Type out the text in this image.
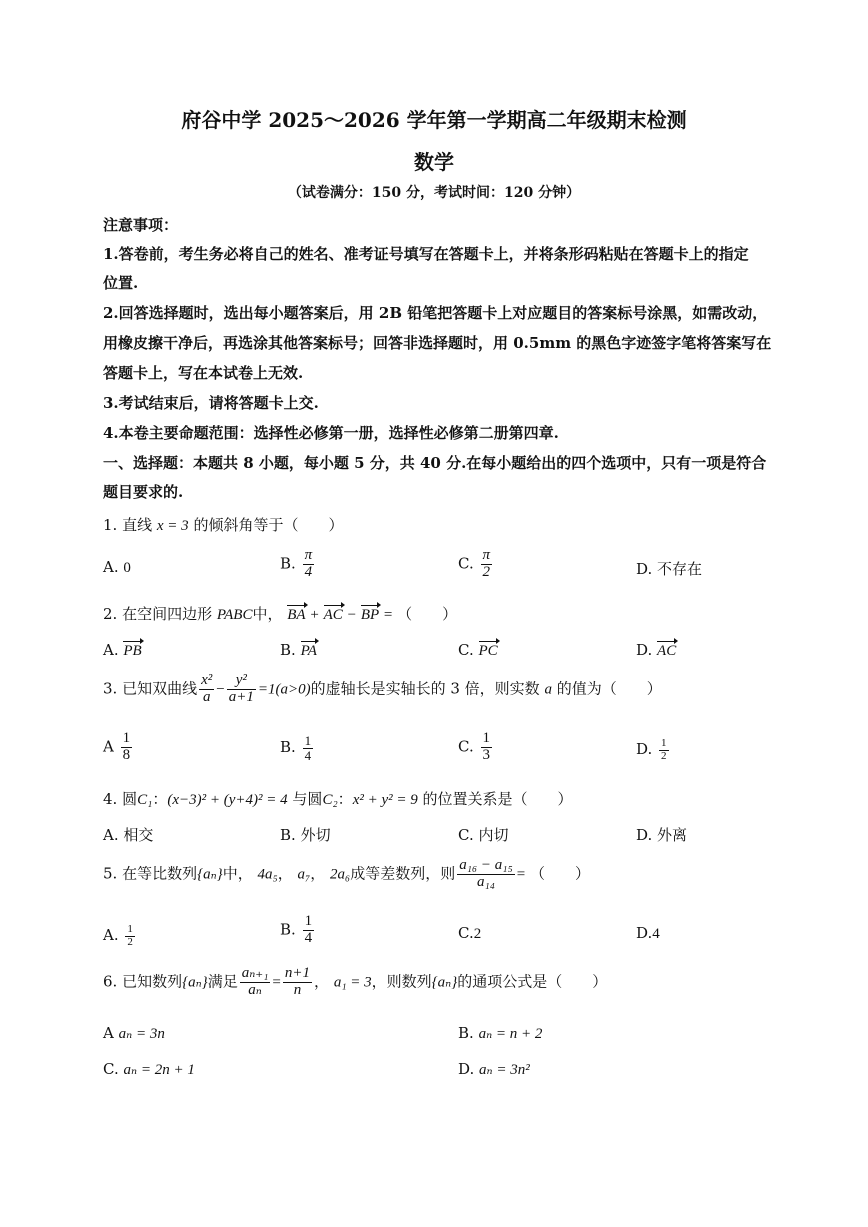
府谷中学 2025～2026 学年第一学期高二年级期末检测
数学
（试卷满分：150 分，考试时间：120 分钟）
注意事项：
1.答卷前，考生务必将自己的姓名、准考证号填写在答题卡上，并将条形码粘贴在答题卡上的指定
位置.
2.回答选择题时，选出每小题答案后，用 2B 铅笔把答题卡上对应题目的答案标号涂黑，如需改动，
用橡皮擦干净后，再选涂其他答案标号；回答非选择题时，用 0.5mm 的黑色字迹签字笔将答案写在
答题卡上，写在本试卷上无效.
3.考试结束后，请将答题卡上交.
4.本卷主要命题范围：选择性必修第一册，选择性必修第二册第四章.
一、选择题：本题共 8 小题，每小题 5 分，共 40 分.在每小题给出的四个选项中，只有一项是符合
题目要求的.
1. 直线 x = 3 的倾斜角等于（　　）
A. 0	B. $\frac{\pi}{4}$	C. $\frac{\pi}{2}$	D. 不存在
2. 在空间四边形 PABC中， BA + AC − BP = （　　）
A. PB	B. PA	C. PC	D. AC
3. 已知双曲线 $\frac{\text{x²}}{a} - \frac{\text{y²}}{a+1} =1(a>0)$的虚轴长是实轴长的 3 倍，则实数 a 的值为（　　）
A $\frac{1}{8}$	B. $\frac{1}{4}$	C. $\frac{1}{3}$	D. $\frac{1}{2}$
4. 圆C₁：(x−3)² + (y+4)² = 4 与圆C₂：x² + y² = 9 的位置关系是（　　）
A. 相交	B. 外切	C. 内切	D. 外离
5. 在等比数列{aₙ}中， 4a₅， a₇， 2a₆成等差数列，则 $\frac{\text{a₁₆ − a₁₅}}{\text{a₁₄}}$ = （　　）
A. $\frac{1}{2}$	B. $\frac{1}{4}$	C.2	D.4
6. 已知数列{aₙ}满足 $\frac{\text{aₙ₊₁}}{\text{aₙ}} = \frac{n+1}{n}$ ， a₁ = 3，则数列{aₙ}的通项公式是（　　）
A aₙ = 3n	B. aₙ = n + 2
C. aₙ = 2n + 1	D. aₙ = 3n²
